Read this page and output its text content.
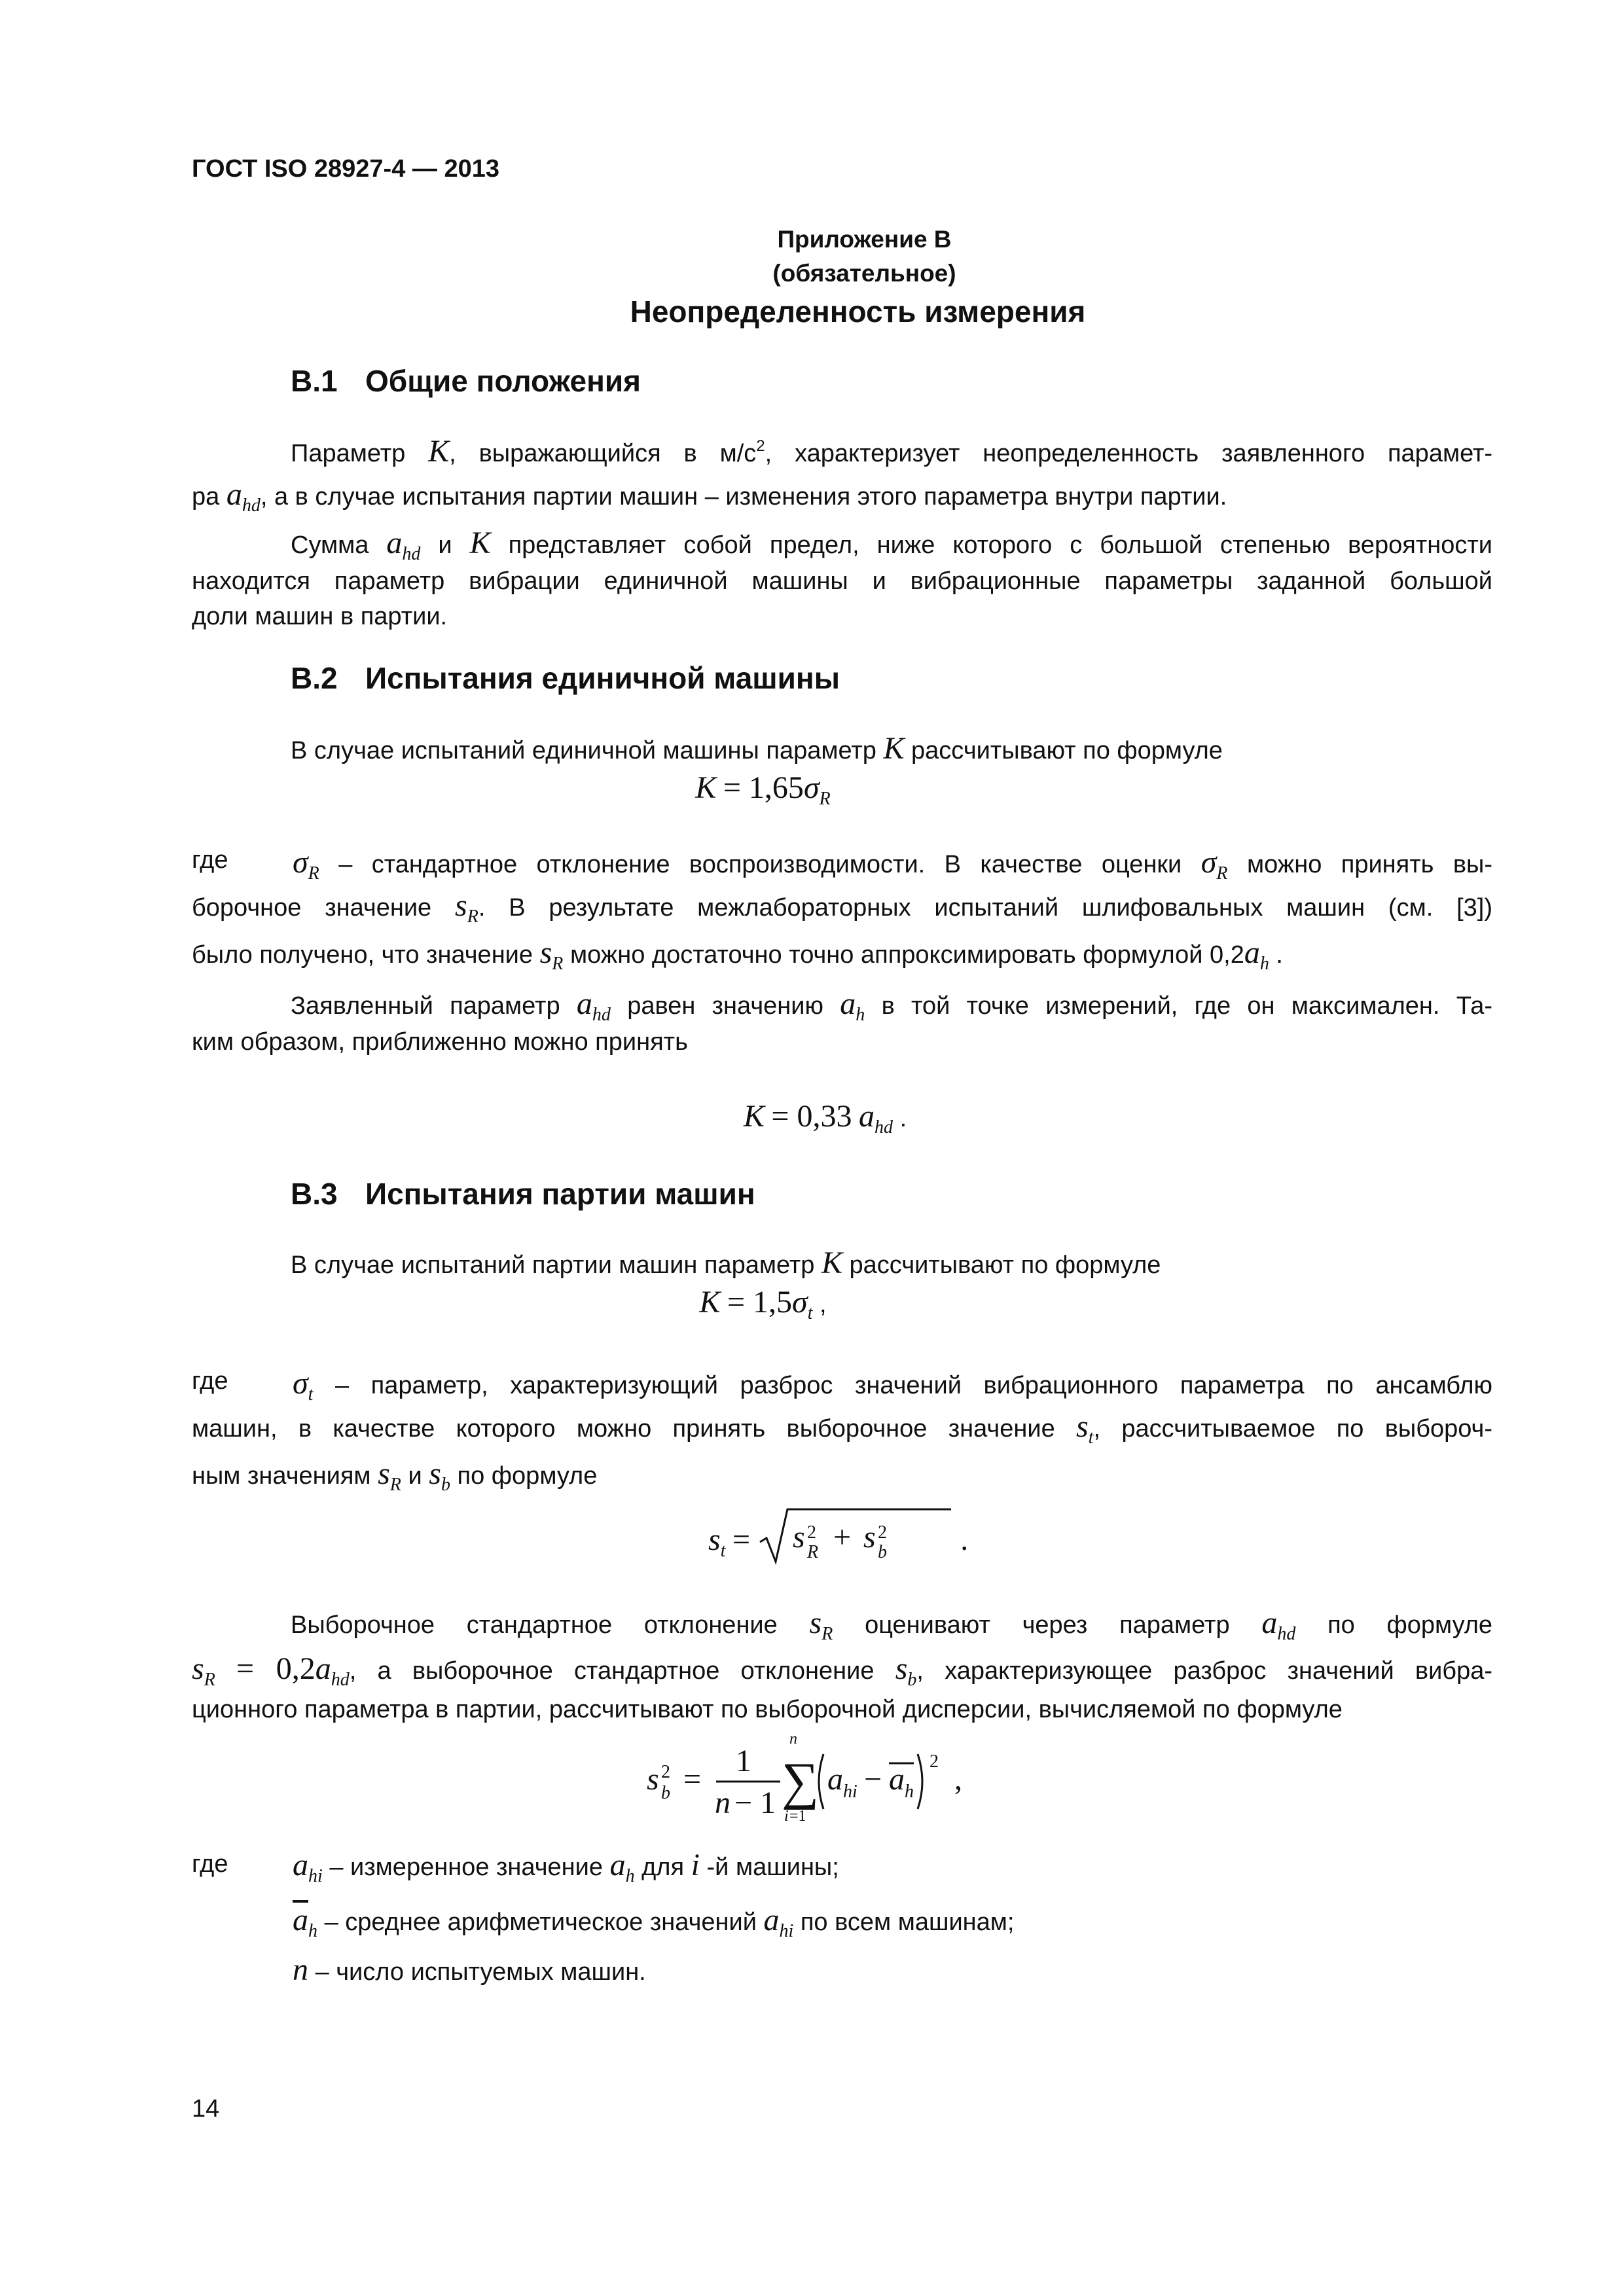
ГОСТ ISO 28927-4 — 2013
Приложение В
(обязательное)
Неопределенность измерения
В.1 Общие положения
Параметр K, выражающийся в $м/с^2$, характеризует неопределенность заявленного парамет-
ра $a_{hd}$, а в случае испытания партии машин – изменения этого параметра внутри партии.
Сумма $a_{hd}$ и K представляет собой предел, ниже которого с большой степенью вероятности
находится параметр вибрации единичной машины и вибрационные параметры заданной большой
доли машин в партии.
В.2 Испытания единичной машины
В случае испытаний единичной машины параметр K рассчитывают по формуле
$K = 1,65\sigma_R$
где	$\sigma_R$ – стандартное отклонение воспроизводимости. В качестве оценки $\sigma_R$ можно принять вы-
борочное значение $s_R$. В результате межлабораторных испытаний шлифовальных машин (см. [3])
было получено, что значение $s_R$ можно достаточно точно аппроксимировать формулой $0,2a_h$ .
Заявленный параметр $a_{hd}$ равен значению $a_h$ в той точке измерений, где он максимален. Та-
ким образом, приближенно можно принять
K = 0,33 $a_{hd}$ .
В.3 Испытания партии машин
В случае испытаний партии машин параметр K рассчитывают по формуле
$K = 1,5\sigma_t$ ,
где	$\sigma_t$ – параметр, характеризующий разброс значений вибрационного параметра по ансамблю
машин, в качестве которого можно принять выборочное значение $s_t$, рассчитываемое по выбороч-
ным значениям $s_R$ и $s_b$ по формуле
$s_t = s$ 2
R + s 2
b .
Выборочное стандартное отклонение $s_R$ оценивают через параметр $a_{hd}$ по формуле
$s_R = 0,2a_{hd}$, а выборочное стандартное отклонение $s_b$, характеризующее разброс значений вибра-
ционного параметра в партии, рассчитывают по выборочной дисперсии, вычисляемой по формуле
s 2
b =
1
n − 1
n
∑
i =1
a hi − a h
2
,
где $a_{hi}$ – измеренное значение $a_h$ для i -й машины;
$\overline{a}_h$ – среднее арифметическое значений $a_{hi}$ по всем машинам;
n – число испытуемых машин.
14
